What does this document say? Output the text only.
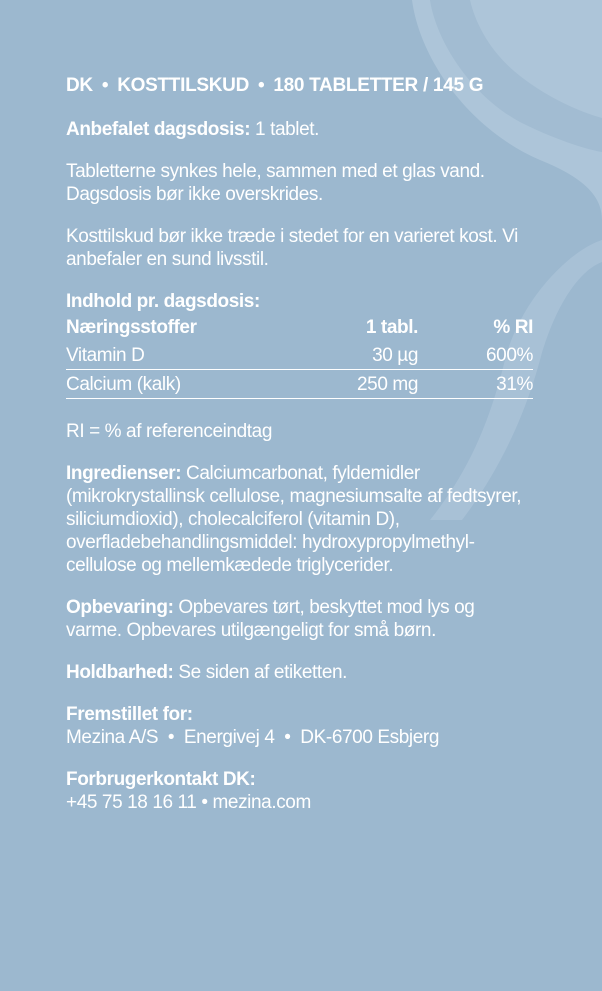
DK • KOSTTILSKUD • 180 TABLETTER / 145 G

Anbefalet dagsdosis: 1 tablet.

Tabletterne synkes hele, sammen med et glas vand. Dagsdosis bør ikke overskrides.

Kosttilskud bør ikke træde i stedet for en varieret kost. Vi anbefaler en sund livsstil.

Indhold pr. dagsdosis:
Næringsstoffer	1 tabl.	% RI
Vitamin D	30 µg	600%
Calcium (kalk)	250 mg	31%

RI = % af referenceindtag

Ingredienser: Calciumcarbonat, fyldemidler (mikrokrystallinsk cellulose, magnesiumsalte af fedtsyrer, siliciumdioxid), cholecalciferol (vitamin D), overfladebehandlingsmiddel: hydroxypropylmethyl-cellulose og mellemkædede triglycerider.

Opbevaring: Opbevares tørt, beskyttet mod lys og varme. Opbevares utilgængeligt for små børn.

Holdbarhed: Se siden af etiketten.

Fremstillet for:
Mezina A/S  •  Energivej 4  •  DK-6700 Esbjerg

Forbrugerkontakt DK:
+45 75 18 16 11 • mezina.com
